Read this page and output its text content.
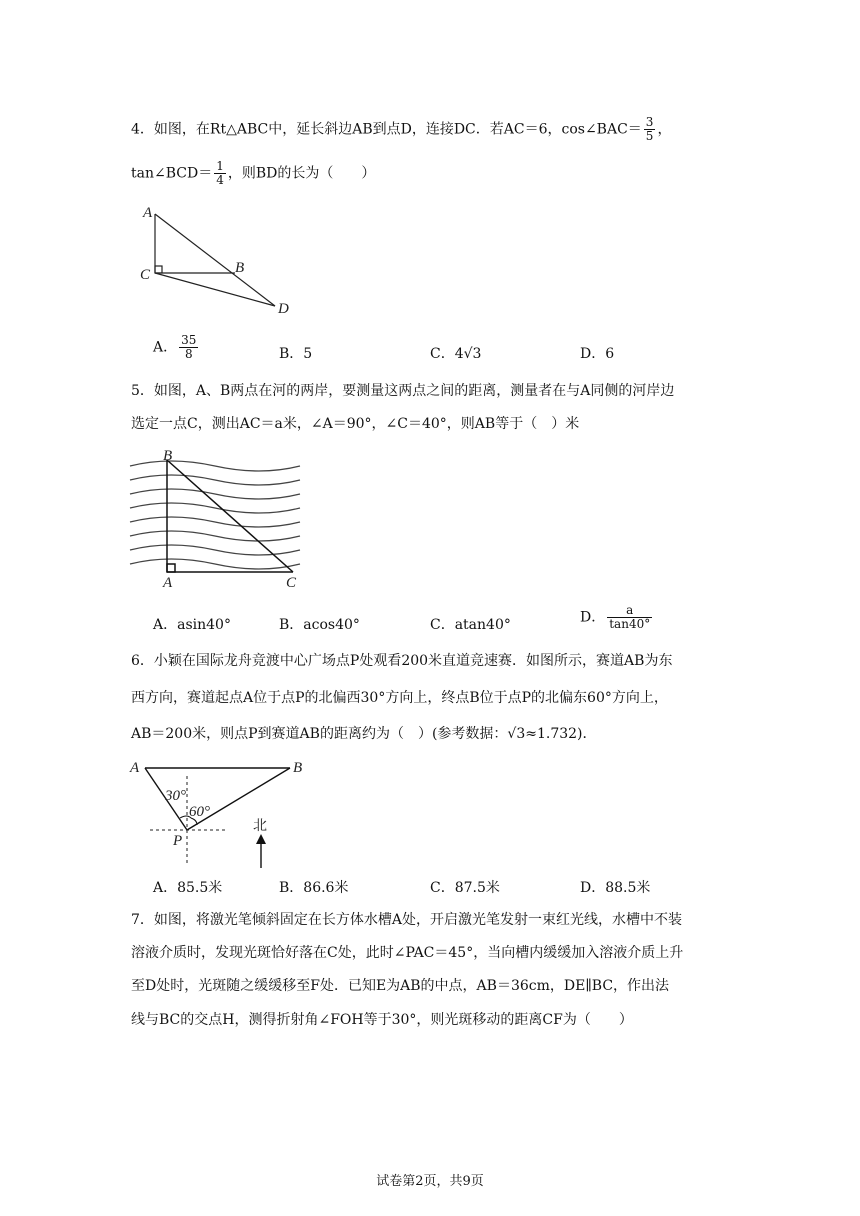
4．如图，在Rt△ABC中，延长斜边AB到点D，连接DC．若AC＝6，cos∠BAC＝ $\frac{3}{5}$ ，
tan∠BCD＝ $\frac{1}{4}$ ，则BD的长为（　　）
A
C	B
D
A． $\frac{35}{8}$	B．5	C．4√3	D．6
5．如图，A、B两点在河的两岸，要测量这两点之间的距离，测量者在与A同侧的河岸边
选定一点C，测出AC＝a米，∠A＝90°，∠C＝40°，则AB等于（　）米
B
A	C
A．asin40°	B．acos40°	C．atan40°	D． $\frac{a}{\tan 40^\circ}$
6．小颖在国际龙舟竞渡中心广场点P处观看200米直道竞速赛．如图所示，赛道AB为东
西方向，赛道起点A位于点P的北偏西30°方向上，终点B位于点P的北偏东60°方向上，
AB＝200米，则点P到赛道AB的距离约为（　）(参考数据：√3≈1.732)．
30°
60°
A	B
P
北
A．85.5米	B．86.6米	C．87.5米	D．88.5米
7．如图，将激光笔倾斜固定在长方体水槽A处，开启激光笔发射一束红光线，水槽中不装
溶液介质时，发现光斑恰好落在C处，此时∠PAC＝45°，当向槽内缓缓加入溶液介质上升
至D处时，光斑随之缓缓移至F处．已知E为AB的中点，AB＝36cm，DE∥BC，作出法
线与BC的交点H，测得折射角∠FOH等于30°，则光斑移动的距离CF为（　　）
试卷第2页，共9页
